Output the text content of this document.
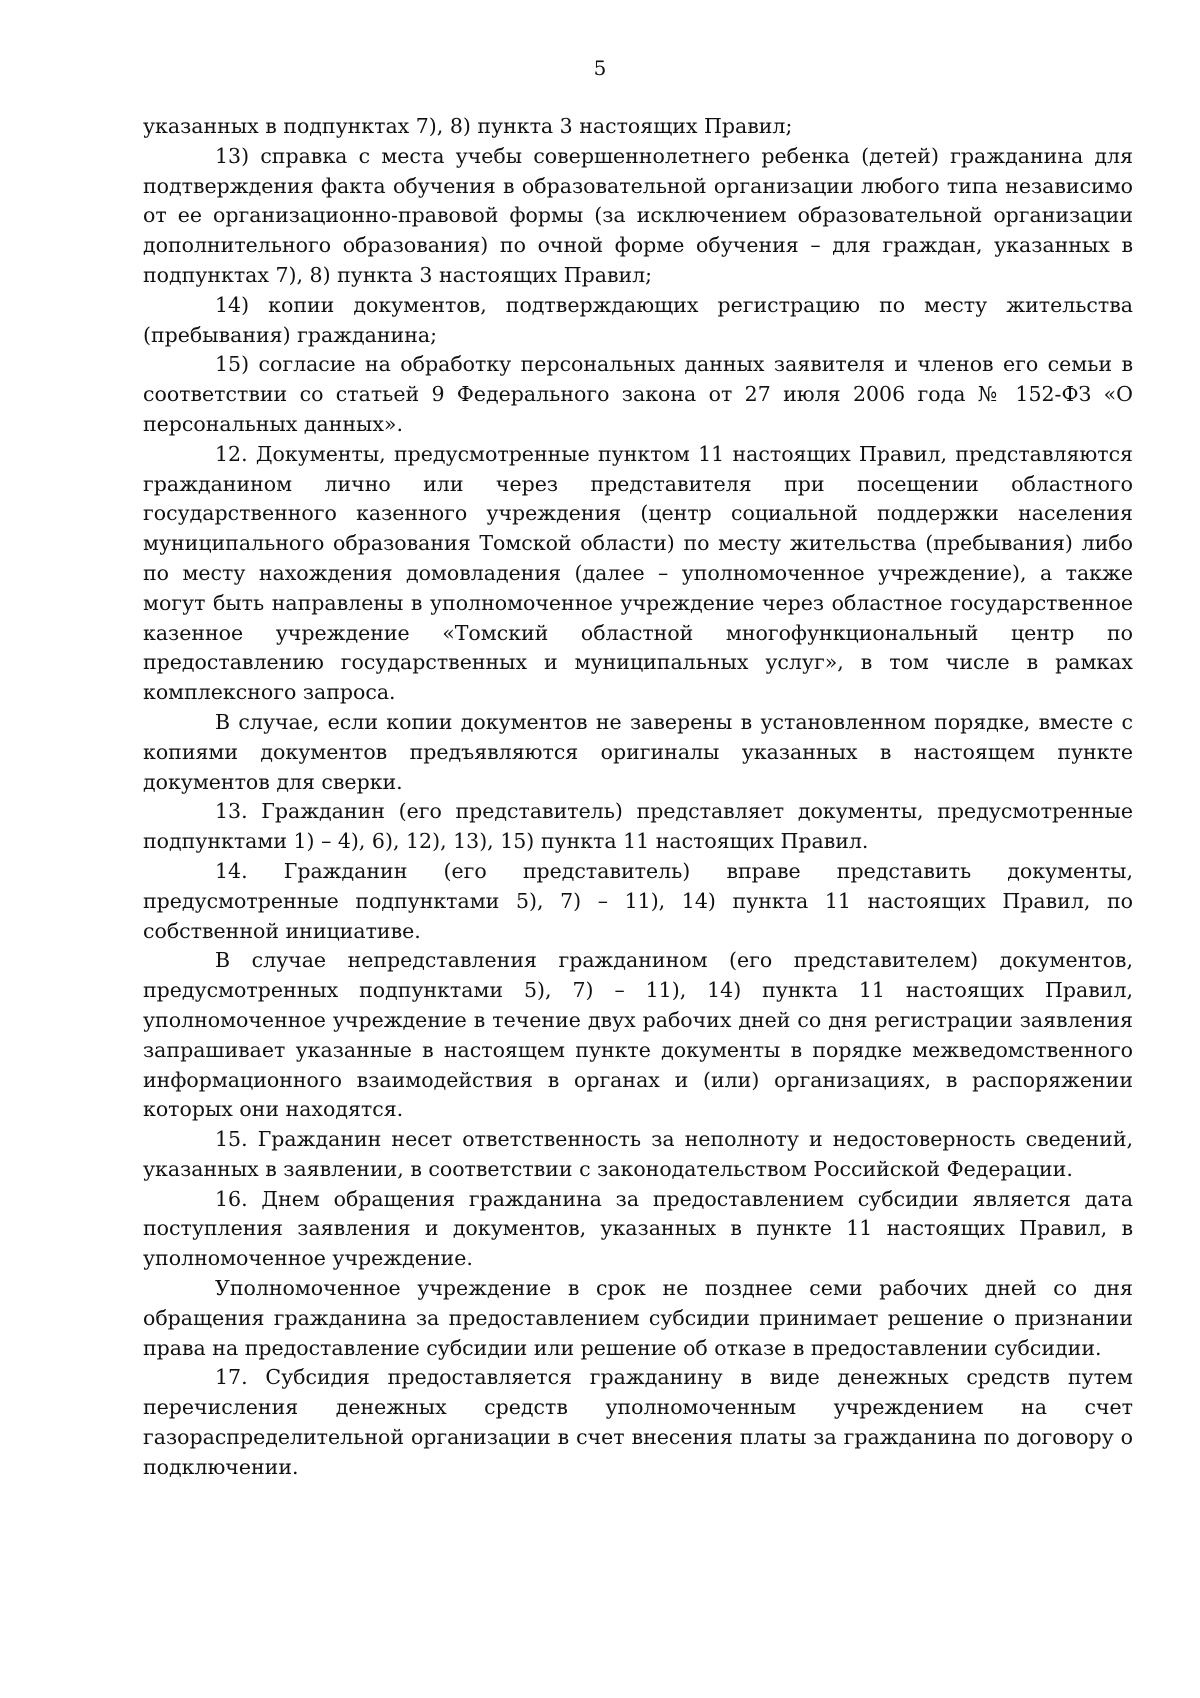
5

указанных в подпунктах 7), 8) пункта 3 настоящих Правил;

13) справка с места учебы совершеннолетнего ребенка (детей) гражданина для подтверждения факта обучения в образовательной организации любого типа независимо от ее организационно-правовой формы (за исключением образовательной организации дополнительного образования) по очной форме обучения – для граждан, указанных в подпунктах 7), 8) пункта 3 настоящих Правил;

14) копии документов, подтверждающих регистрацию по месту жительства (пребывания) гражданина;

15) согласие на обработку персональных данных заявителя и членов его семьи в соответствии со статьей 9 Федерального закона от 27 июля 2006 года № 152-ФЗ «О персональных данных».

12. Документы, предусмотренные пунктом 11 настоящих Правил, представляются гражданином лично или через представителя при посещении областного государственного казенного учреждения (центр социальной поддержки населения муниципального образования Томской области) по месту жительства (пребывания) либо по месту нахождения домовладения (далее – уполномоченное учреждение), а также могут быть направлены в уполномоченное учреждение через областное государственное казенное учреждение «Томский областной многофункциональный центр по предоставлению государственных и муниципальных услуг», в том числе в рамках комплексного запроса.

В случае, если копии документов не заверены в установленном порядке, вместе с копиями документов предъявляются оригиналы указанных в настоящем пункте документов для сверки.

13. Гражданин (его представитель) представляет документы, предусмотренные подпунктами 1) – 4), 6), 12), 13), 15) пункта 11 настоящих Правил.

14. Гражданин (его представитель) вправе представить документы, предусмотренные подпунктами 5), 7) – 11), 14) пункта 11 настоящих Правил, по собственной инициативе.

В случае непредставления гражданином (его представителем) документов, предусмотренных подпунктами 5), 7) – 11), 14) пункта 11 настоящих Правил, уполномоченное учреждение в течение двух рабочих дней со дня регистрации заявления запрашивает указанные в настоящем пункте документы в порядке межведомственного информационного взаимодействия в органах и (или) организациях, в распоряжении которых они находятся.

15. Гражданин несет ответственность за неполноту и недостоверность сведений, указанных в заявлении, в соответствии с законодательством Российской Федерации.

16. Днем обращения гражданина за предоставлением субсидии является дата поступления заявления и документов, указанных в пункте 11 настоящих Правил, в уполномоченное учреждение.

Уполномоченное учреждение в срок не позднее семи рабочих дней со дня обращения гражданина за предоставлением субсидии принимает решение о признании права на предоставление субсидии или решение об отказе в предоставлении субсидии.

17. Субсидия предоставляется гражданину в виде денежных средств путем перечисления денежных средств уполномоченным учреждением на счет газораспределительной организации в счет внесения платы за гражданина по договору о подключении.
